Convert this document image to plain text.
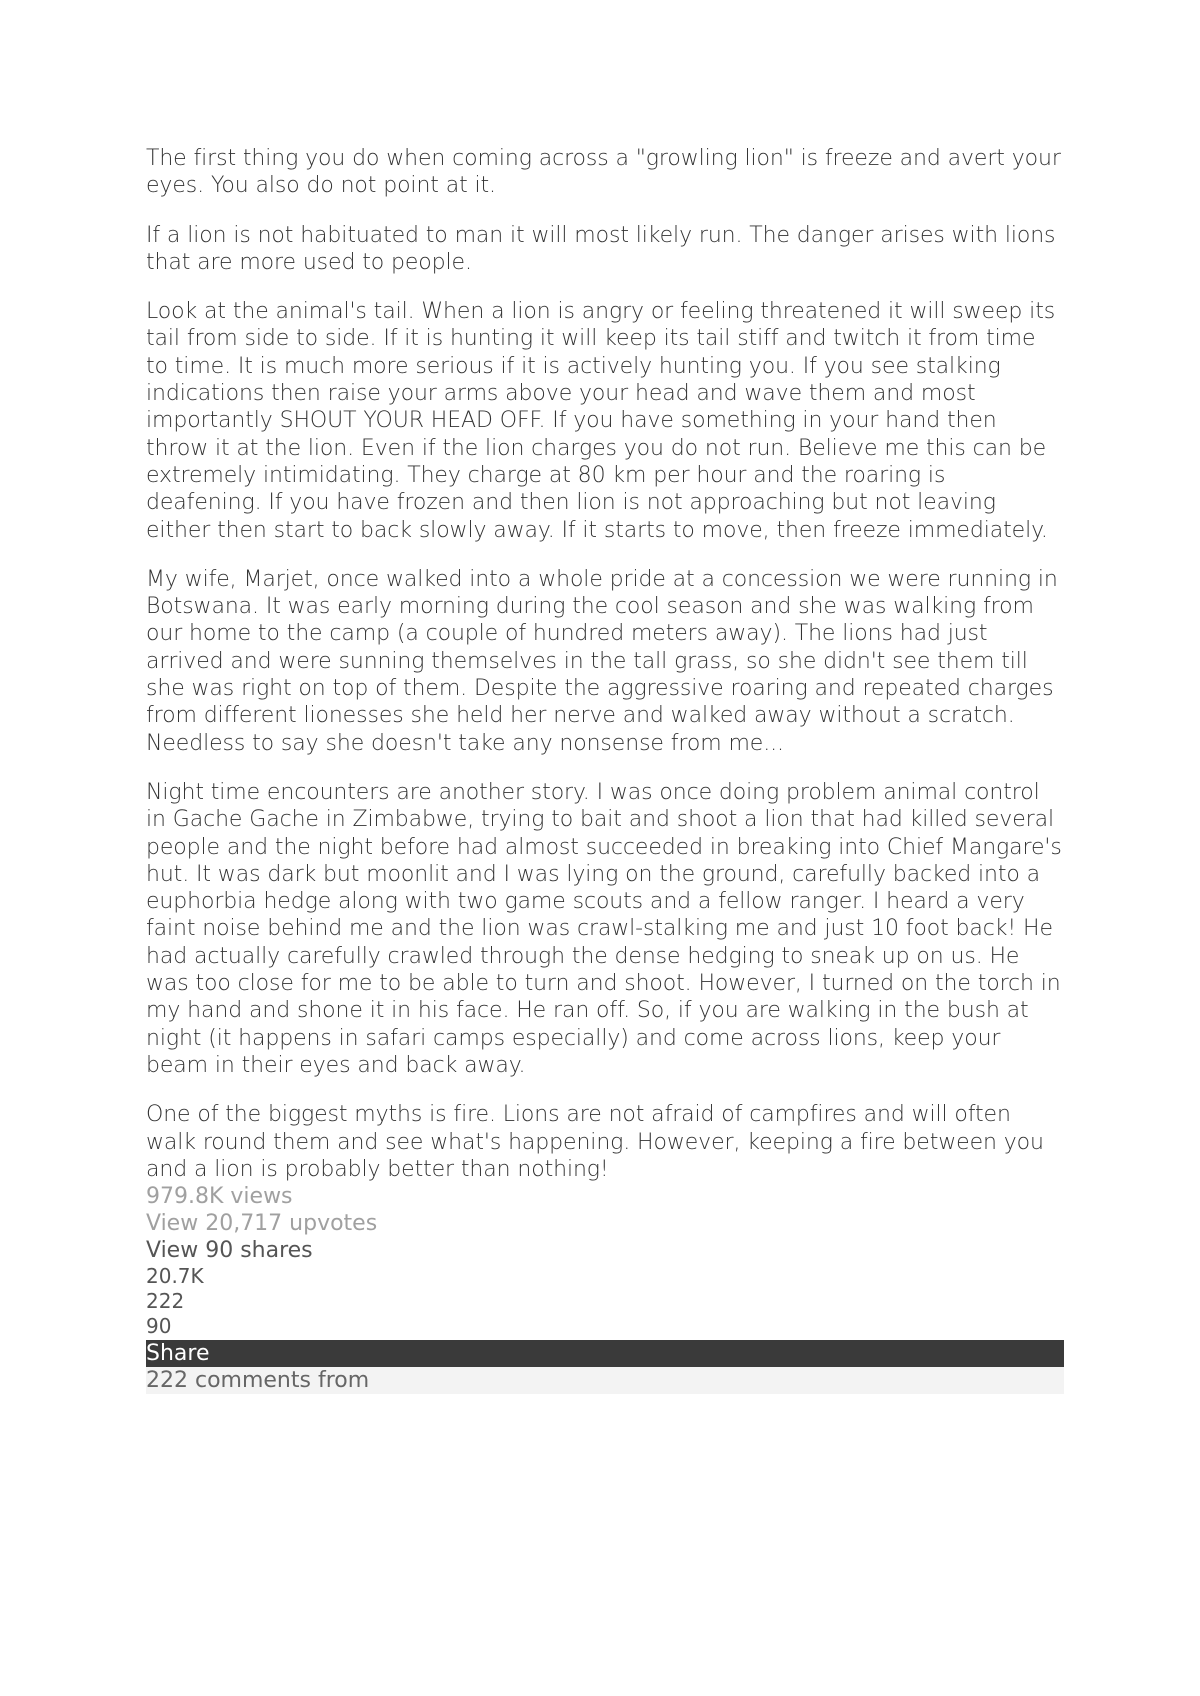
The first thing you do when coming across a "growling lion" is freeze and avert your eyes. You also do not point at it.

If a lion is not habituated to man it will most likely run. The danger arises with lions that are more used to people.

Look at the animal's tail. When a lion is angry or feeling threatened it will sweep its tail from side to side. If it is hunting it will keep its tail stiff and twitch it from time to time. It is much more serious if it is actively hunting you. If you see stalking indications then raise your arms above your head and wave them and most importantly SHOUT YOUR HEAD OFF. If you have something in your hand then throw it at the lion. Even if the lion charges you do not run. Believe me this can be extremely intimidating. They charge at 80 km per hour and the roaring is deafening. If you have frozen and then lion is not approaching but not leaving either then start to back slowly away. If it starts to move, then freeze immediately.

My wife, Marjet, once walked into a whole pride at a concession we were running in Botswana. It was early morning during the cool season and she was walking from our home to the camp (a couple of hundred meters away). The lions had just arrived and were sunning themselves in the tall grass, so she didn't see them till she was right on top of them. Despite the aggressive roaring and repeated charges from different lionesses she held her nerve and walked away without a scratch. Needless to say she doesn't take any nonsense from me...

Night time encounters are another story. I was once doing problem animal control in Gache Gache in Zimbabwe, trying to bait and shoot a lion that had killed several people and the night before had almost succeeded in breaking into Chief Mangare's hut. It was dark but moonlit and I was lying on the ground, carefully backed into a euphorbia hedge along with two game scouts and a fellow ranger. I heard a very faint noise behind me and the lion was crawl-stalking me and just 10 foot back! He had actually carefully crawled through the dense hedging to sneak up on us. He was too close for me to be able to turn and shoot. However, I turned on the torch in my hand and shone it in his face. He ran off. So, if you are walking in the bush at night (it happens in safari camps especially) and come across lions, keep your beam in their eyes and back away.

One of the biggest myths is fire. Lions are not afraid of campfires and will often walk round them and see what's happening. However, keeping a fire between you and a lion is probably better than nothing!

979.8K views
View 20,717 upvotes
View 90 shares
20.7K
222
90
Share
222 comments from
